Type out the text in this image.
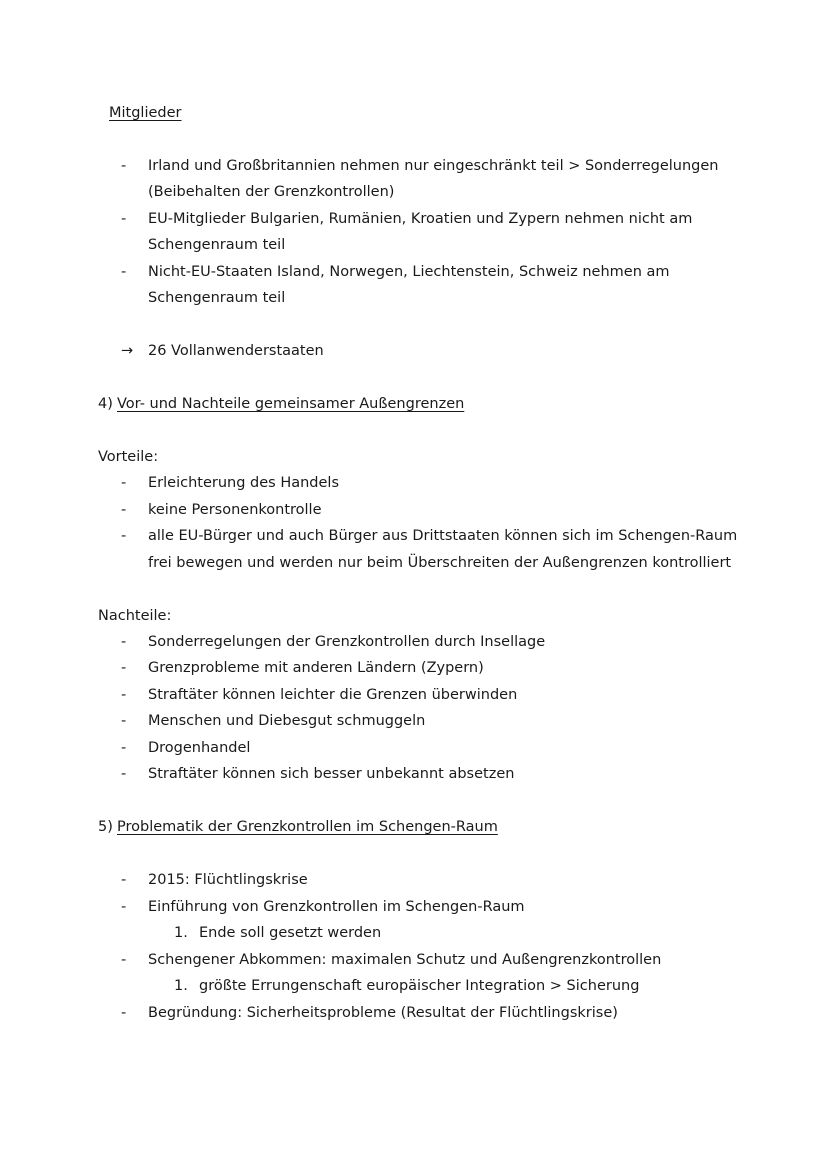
Mitglieder
- Irland und Großbritannien nehmen nur eingeschränkt teil > Sonderregelungen
(Beibehalten der Grenzkontrollen)
- EU-Mitglieder Bulgarien, Rumänien, Kroatien und Zypern nehmen nicht am
Schengenraum teil
- Nicht-EU-Staaten Island, Norwegen, Liechtenstein, Schweiz nehmen am
Schengenraum teil
→ 26 Vollanwenderstaaten
4) Vor- und Nachteile gemeinsamer Außengrenzen
Vorteile:
- Erleichterung des Handels
- keine Personenkontrolle
- alle EU-Bürger und auch Bürger aus Drittstaaten können sich im Schengen-Raum
frei bewegen und werden nur beim Überschreiten der Außengrenzen kontrolliert
Nachteile:
- Sonderregelungen der Grenzkontrollen durch Insellage
- Grenzprobleme mit anderen Ländern (Zypern)
- Straftäter können leichter die Grenzen überwinden
- Menschen und Diebesgut schmuggeln
- Drogenhandel
- Straftäter können sich besser unbekannt absetzen
5) Problematik der Grenzkontrollen im Schengen-Raum
- 2015: Flüchtlingskrise
- Einführung von Grenzkontrollen im Schengen-Raum
1. Ende soll gesetzt werden
- Schengener Abkommen: maximalen Schutz und Außengrenzkontrollen
1. größte Errungenschaft europäischer Integration > Sicherung
- Begründung: Sicherheitsprobleme (Resultat der Flüchtlingskrise)
